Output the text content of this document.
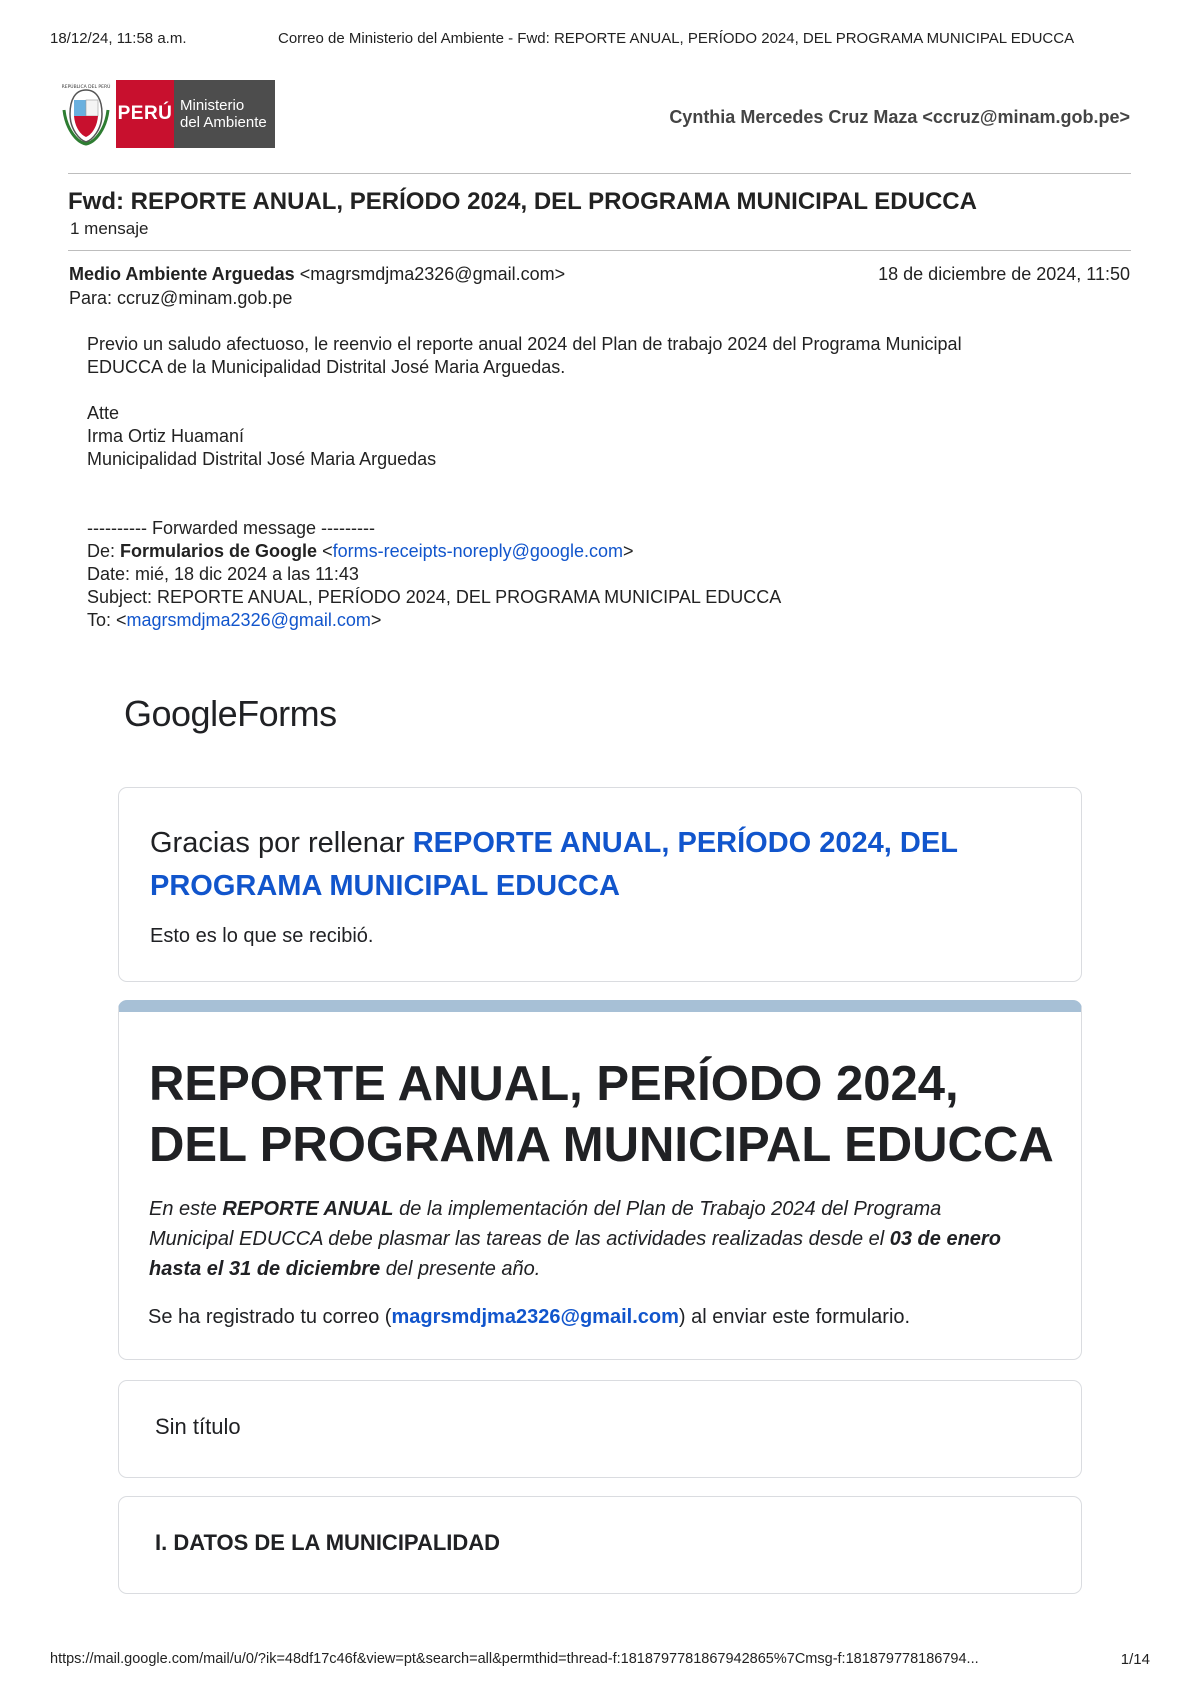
18/12/24, 11:58 a.m.	Correo de Ministerio del Ambiente - Fwd: REPORTE ANUAL, PERÍODO 2024, DEL PROGRAMA MUNICIPAL EDUCCA
REPÚBLICA DEL PERÚ
PERÚ Ministerio
del Ambiente	Cynthia Mercedes Cruz Maza <ccruz@minam.gob.pe>
Fwd: REPORTE ANUAL, PERÍODO 2024, DEL PROGRAMA MUNICIPAL EDUCCA
1 mensaje
Medio Ambiente Arguedas <magrsmdjma2326@gmail.com>	18 de diciembre de 2024, 11:50
Para: ccruz@minam.gob.pe
Previo un saludo afectuoso, le reenvio el reporte anual 2024 del Plan de trabajo 2024 del Programa Municipal
EDUCCA de la Municipalidad Distrital José Maria Arguedas.
Atte
Irma Ortiz Huamaní
Municipalidad Distrital José Maria Arguedas
---------- Forwarded message ---------
De: Formularios de Google <forms-receipts-noreply@google.com>
Date: mié, 18 dic 2024 a las 11:43
Subject: REPORTE ANUAL, PERÍODO 2024, DEL PROGRAMA MUNICIPAL EDUCCA
To: <magrsmdjma2326@gmail.com>
GoogleForms
Gracias por rellenar REPORTE ANUAL, PERÍODO 2024, DEL
PROGRAMA MUNICIPAL EDUCCA
Esto es lo que se recibió.
REPORTE ANUAL, PERÍODO 2024,
DEL PROGRAMA MUNICIPAL EDUCCA
En este REPORTE ANUAL de la implementación del Plan de Trabajo 2024 del Programa
Municipal EDUCCA debe plasmar las tareas de las actividades realizadas desde el 03 de enero
hasta el 31 de diciembre del presente año.
Se ha registrado tu correo (magrsmdjma2326@gmail.com) al enviar este formulario.
Sin título
I. DATOS DE LA MUNICIPALIDAD
https://mail.google.com/mail/u/0/?ik=48df17c46f&view=pt&search=all&permthid=thread-f:1818797781867942865%7Cmsg-f:181879778186794...	1/14
